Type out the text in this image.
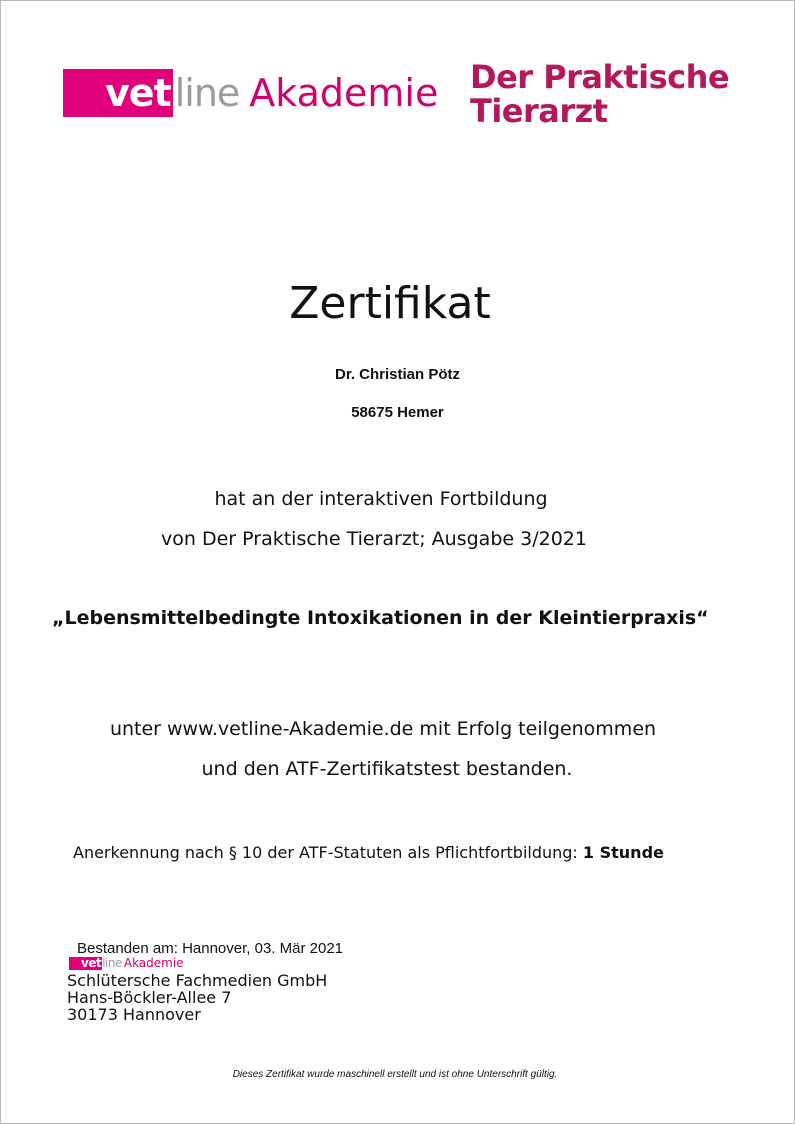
vet line Akademie Der Praktische
Tierarzt
Zertifikat
Dr. Christian Pötz
58675 Hemer
hat an der interaktiven Fortbildung
von Der Praktische Tierarzt; Ausgabe 3/2021
„Lebensmittelbedingte Intoxikationen in der Kleintierpraxis“
unter www.vetline-Akademie.de mit Erfolg teilgenommen
und den ATF-Zertifikatstest bestanden.
Anerkennung nach § 10 der ATF-Statuten als Pflichtfortbildung: 1 Stunde
Bestanden am: Hannover, 03. Mär 2021
vet line Akademie
Schlütersche Fachmedien GmbH
Hans-Böckler-Allee 7
30173 Hannover
Dieses Zertifikat wurde maschinell erstellt und ist ohne Unterschrift gültig.
